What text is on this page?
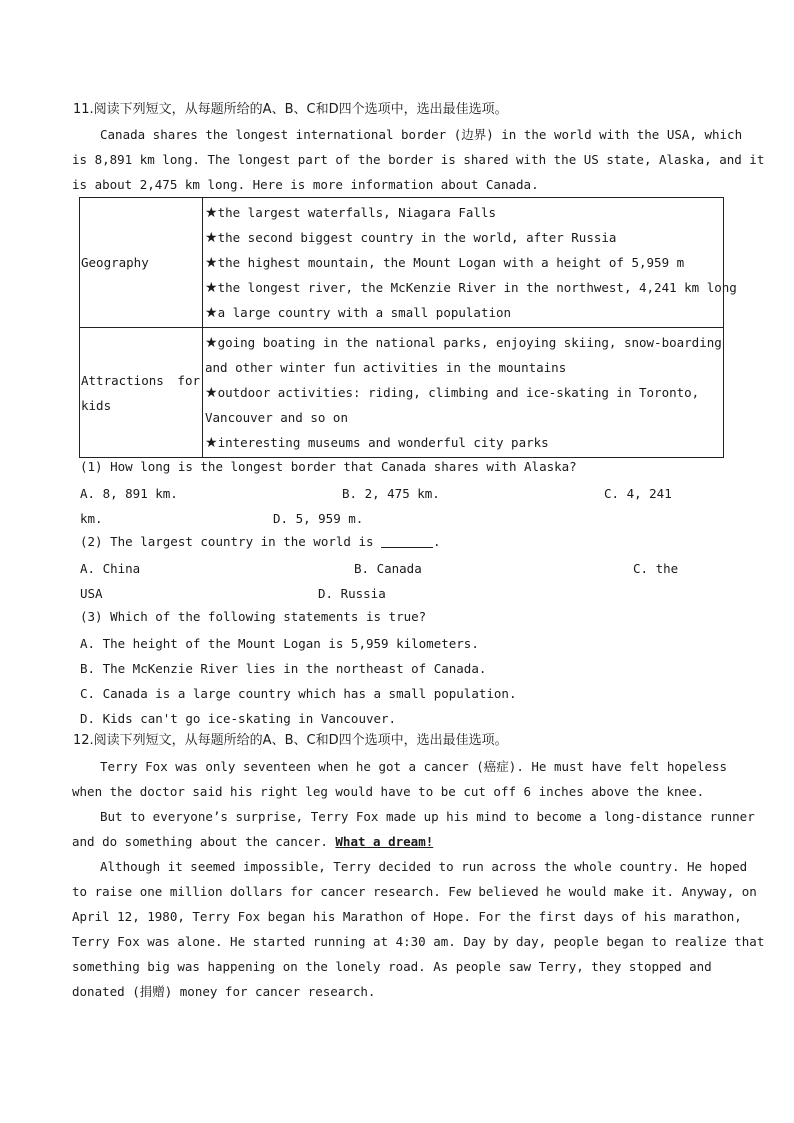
11.阅读下列短文，从每题所给的A、B、C和D四个选项中，选出最佳选项。
Canada shares the longest international border (边界) in the world with the USA, which
is 8,891 km long. The longest part of the border is shared with the US state, Alaska, and it
is about 2,475 km long. Here is more information about Canada.
Geography	★the largest waterfalls, Niagara Falls
★the second biggest country in the world, after Russia
★the highest mountain, the Mount Logan with a height of 5,959 m
★the longest river, the McKenzie River in the northwest, 4,241 km long
★a large country with a small population

Attractions for
kids	★going boating in the national parks, enjoying skiing, snow-boarding
and other winter fun activities in the mountains
★outdoor activities: riding, climbing and ice-skating in Toronto,
Vancouver and so on
★interesting museums and wonderful city parks
(1) How long is the longest border that Canada shares with Alaska?
A. 8, 891 km.	B. 2, 475 km.	C. 4, 241
km.	D. 5, 959 m.
(2) The largest country in the world is	.
A. China	B. Canada	C. the
USA	D. Russia
(3) Which of the following statements is true?
A. The height of the Mount Logan is 5,959 kilometers.
B. The McKenzie River lies in the northeast of Canada.
C. Canada is a large country which has a small population.
D. Kids can't go ice-skating in Vancouver.
12.阅读下列短文，从每题所给的A、B、C和D四个选项中，选出最佳选项。
Terry Fox was only seventeen when he got a cancer (癌症). He must have felt hopeless
when the doctor said his right leg would have to be cut off 6 inches above the knee.
But to everyone’s surprise, Terry Fox made up his mind to become a long-distance runner
and do something about the cancer. What a dream!
Although it seemed impossible, Terry decided to run across the whole country. He hoped
to raise one million dollars for cancer research. Few believed he would make it. Anyway, on
April 12, 1980, Terry Fox began his Marathon of Hope. For the first days of his marathon,
Terry Fox was alone. He started running at 4:30 am. Day by day, people began to realize that
something big was happening on the lonely road. As people saw Terry, they stopped and
donated (捐赠) money for cancer research.
